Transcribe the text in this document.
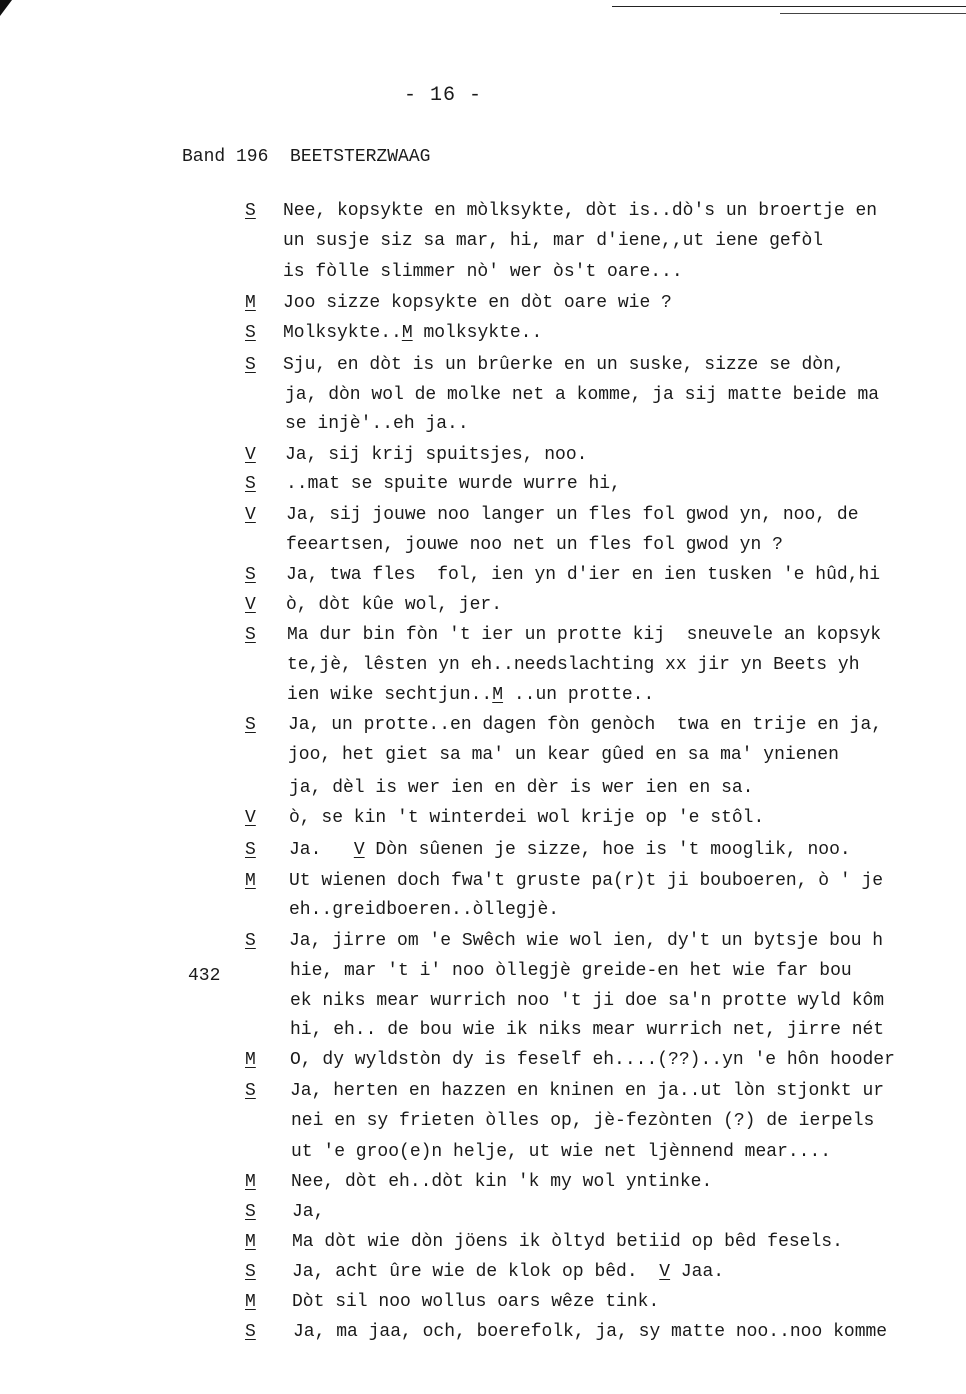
- 16 -
Band 196  BEETSTERZWAAG
432
S Nee, kopsykte en mòlksykte, dòt is..dò's un broertje en
un susje siz sa mar, hi, mar d'iene,,ut iene gefòl
is fòlle slimmer nò' wer òs't oare...
M Joo sizze kopsykte en dòt oare wie ?
S Molksykte..M molksykte..
S Sju, en dòt is un brûerke en un suske, sizze se dòn,
ja, dòn wol de molke net a komme, ja sij matte beide ma
se injè'..eh ja..
V Ja, sij krij spuitsjes, noo.
S ..mat se spuite wurde wurre hi,
V Ja, sij jouwe noo langer un fles fol gwod yn, noo, de
feeartsen, jouwe noo net un fles fol gwod yn ?
S Ja, twa fles  fol, ien yn d'ier en ien tusken 'e hûd,hi
V ò, dòt kûe wol, jer.
S Ma dur bin fòn 't ier un protte kij  sneuvele an kopsyk
te,jè, lêsten yn eh..needslachting xx jir yn Beets yh
ien wike sechtjun..M ..un protte..
S Ja, un protte..en dagen fòn genòch  twa en trije en ja,
joo, het giet sa ma' un kear gûed en sa ma' ynienen
ja, dèl is wer ien en dèr is wer ien en sa.
V ò, se kin 't winterdei wol krije op 'e stôl.
S Ja.   V Dòn sûenen je sizze, hoe is 't mooglik, noo.
M Ut wienen doch fwa't gruste pa(r)t ji bouboeren, ò ' je
eh..greidboeren..òllegjè.
S Ja, jirre om 'e Swêch wie wol ien, dy't un bytsje bou h
hie, mar 't i' noo òllegjè greide-en het wie far bou
ek niks mear wurrich noo 't ji doe sa'n protte wyld kôm
hi, eh.. de bou wie ik niks mear wurrich net, jirre nét
M O, dy wyldstòn dy is feself eh....(??)..yn 'e hôn hooder
S Ja, herten en hazzen en kninen en ja..ut lòn stjonkt ur
nei en sy frieten òlles op, jè-fezònten (?) de ierpels
ut 'e groo(e)n helje, ut wie net ljènnend mear....
M Nee, dòt eh..dòt kin 'k my wol yntinke.
S Ja,
M Ma dòt wie dòn jöens ik òltyd betiid op bêd fesels.
S Ja, acht ûre wie de klok op bêd.  V Jaa.
M Dòt sil noo wollus oars wêze tink.
S Ja, ma jaa, och, boerefolk, ja, sy matte noo..noo komme
